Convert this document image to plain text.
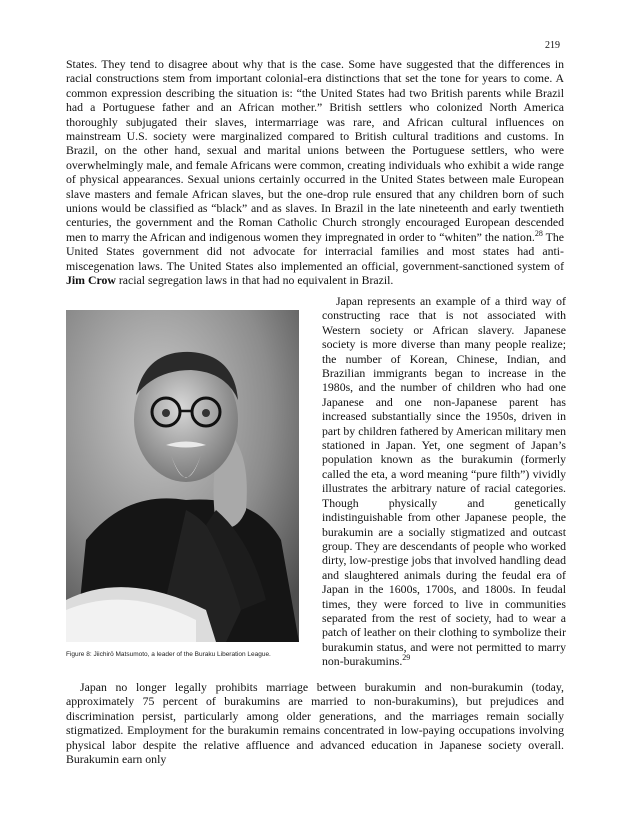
219

States. They tend to disagree about why that is the case. Some have suggested that the differences in racial constructions stem from important colonial-era distinctions that set the tone for years to come. A common expression describing the situation is: “the United States had two British parents while Brazil had a Portuguese father and an African mother.” British settlers who colonized North America thoroughly subjugated their slaves, intermarriage was rare, and African cultural influences on mainstream U.S. society were marginalized compared to British cultural traditions and customs. In Brazil, on the other hand, sexual and marital unions between the Portuguese settlers, who were overwhelmingly male, and female Africans were common, creating individuals who exhibit a wide range of physical appearances. Sexual unions certainly occurred in the United States between male European slave masters and female African slaves, but the one-drop rule ensured that any children born of such unions would be classified as “black” and as slaves. In Brazil in the late nineteenth and early twentieth centuries, the government and the Roman Catholic Church strongly encouraged European descended men to marry the African and indigenous women they impregnated in order to “whiten” the nation.$^{28}$ The United States government did not advocate for interracial families and most states had anti-miscegenation laws. The United States also implemented an official, government-sanctioned system of Jim Crow racial segregation laws in that had no equivalent in Brazil.

Figure 8: Jiichirō Matsumoto, a leader of the Buraku Liberation League.

Japan represents an example of a third way of constructing race that is not associated with Western society or African slavery. Japanese society is more diverse than many people realize; the number of Korean, Chinese, Indian, and Brazilian immigrants began to increase in the 1980s, and the number of children who had one Japanese and one non-Japanese parent has increased substantially since the 1950s, driven in part by children fathered by American military men stationed in Japan. Yet, one segment of Japan’s population known as the burakumin (formerly called the eta, a word meaning “pure filth”) vividly illustrates the arbitrary nature of racial categories. Though physically and genetically indistinguishable from other Japanese people, the burakumin are a socially stigmatized and outcast group. They are descendants of people who worked dirty, low-prestige jobs that involved handling dead and slaughtered animals during the feudal era of Japan in the 1600s, 1700s, and 1800s. In feudal times, they were forced to live in communities separated from the rest of society, had to wear a patch of leather on their clothing to symbolize their burakumin status, and were not permitted to marry non-burakumins.$^{29}$

Japan no longer legally prohibits marriage between burakumin and non-burakumin (today, approximately 75 percent of burakumins are married to non-burakumins), but prejudices and discrimination persist, particularly among older generations, and the marriages remain socially stigmatized. Employment for the burakumin remains concentrated in low-paying occupations involving physical labor despite the relative affluence and advanced education in Japanese society overall. Burakumin earn only
